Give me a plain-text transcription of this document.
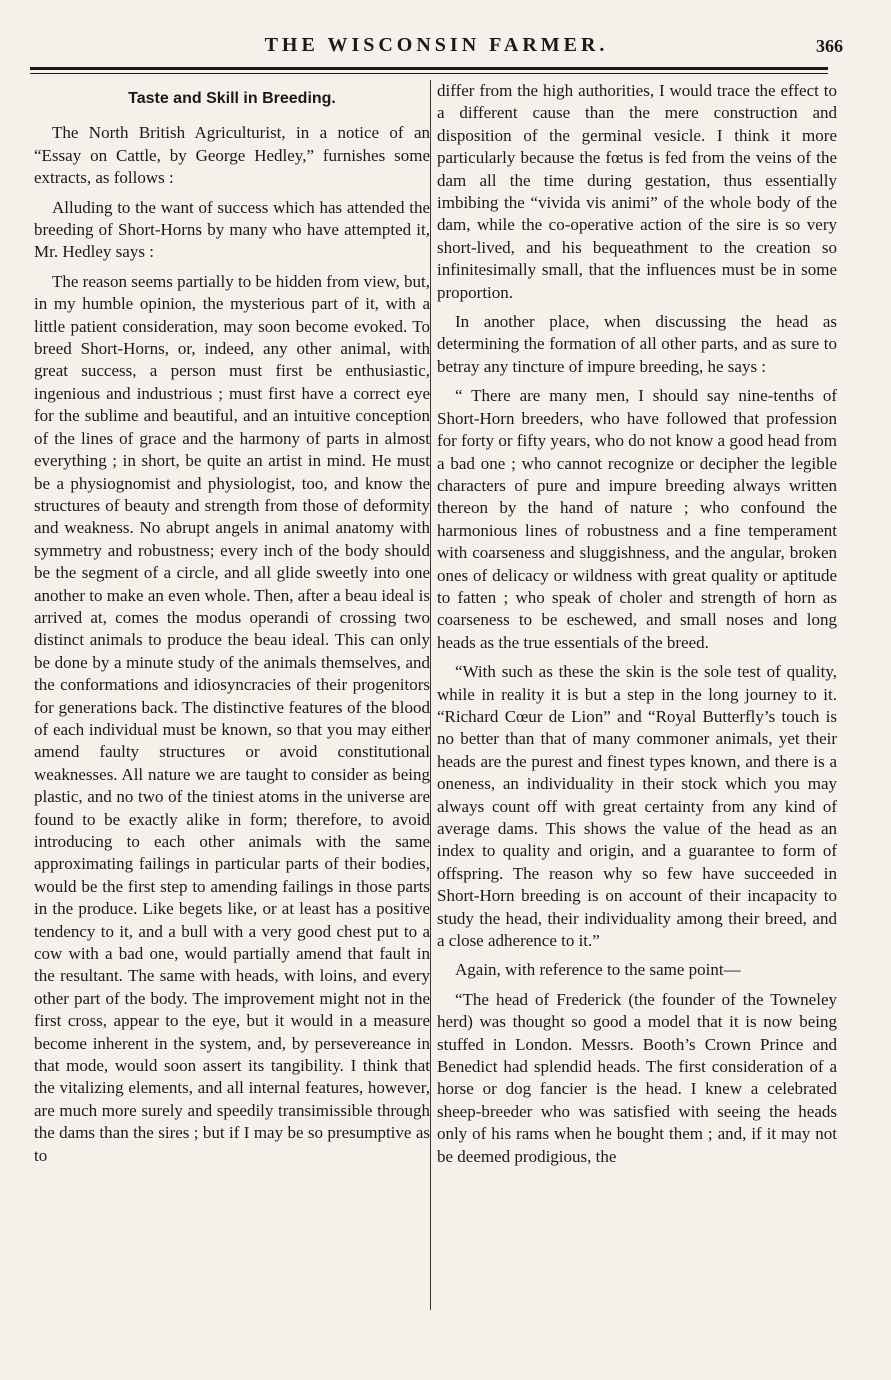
THE WISCONSIN FARMER.	366
Taste and Skill in Breeding.

The North British Agriculturist, in a notice of an “Essay on Cattle, by George Hedley,” furnishes some extracts, as follows :

Alluding to the want of success which has attended the breeding of Short-Horns by many who have attempted it, Mr. Hedley says :

The reason seems partially to be hidden from view, but, in my humble opinion, the mysterious part of it, with a little patient consideration, may soon become evoked. To breed Short-Horns, or, indeed, any other animal, with great success, a person must first be enthusiastic, ingenious and industrious ; must first have a correct eye for the sublime and beautiful, and an intuitive conception of the lines of grace and the harmony of parts in almost everything ; in short, be quite an artist in mind. He must be a physiognomist and physiologist, too, and know the structures of beauty and strength from those of deformity and weakness. No abrupt angels in animal anatomy with symmetry and robustness; every inch of the body should be the segment of a circle, and all glide sweetly into one another to make an even whole. Then, after a beau ideal is arrived at, comes the modus operandi of crossing two distinct animals to produce the beau ideal. This can only be done by a minute study of the animals themselves, and the conformations and idiosyncracies of their progenitors for generations back. The distinctive features of the blood of each individual must be known, so that you may either amend faulty structures or avoid constitutional weaknesses. All nature we are taught to consider as being plastic, and no two of the tiniest atoms in the universe are found to be exactly alike in form; therefore, to avoid introducing to each other animals with the same approximating failings in particular parts of their bodies, would be the first step to amending failings in those parts in the produce. Like begets like, or at least has a positive tendency to it, and a bull with a very good chest put to a cow with a bad one, would partially amend that fault in the resultant. The same with heads, with loins, and every other part of the body. The improvement might not in the first cross, appear to the eye, but it would in a measure become inherent in the system, and, by persevereance in that mode, would soon assert its tangibility. I think that the vitalizing elements, and all internal features, however, are much more surely and speedily transimissible through the dams than the sires ; but if I may be so presumptive as to

differ from the high authorities, I would trace the effect to a different cause than the mere construction and disposition of the germinal vesicle. I think it more particularly because the fœtus is fed from the veins of the dam all the time during gestation, thus essentially imbibing the “vivida vis animi” of the whole body of the dam, while the co-operative action of the sire is so very short-lived, and his bequeathment to the creation so infinitesimally small, that the influences must be in some proportion.

In another place, when discussing the head as determining the formation of all other parts, and as sure to betray any tincture of impure breeding, he says :

“ There are many men, I should say nine-tenths of Short-Horn breeders, who have followed that profession for forty or fifty years, who do not know a good head from a bad one ; who cannot recognize or decipher the legible characters of pure and impure breeding always written thereon by the hand of nature ; who confound the harmonious lines of robustness and a fine temperament with coarseness and sluggishness, and the angular, broken ones of delicacy or wildness with great quality or aptitude to fatten ; who speak of choler and strength of horn as coarseness to be eschewed, and small noses and long heads as the true essentials of the breed.

“With such as these the skin is the sole test of quality, while in reality it is but a step in the long journey to it. “Richard Cœur de Lion” and “Royal Butterfly’s touch is no better than that of many commoner animals, yet their heads are the purest and finest types known, and there is a oneness, an individuality in their stock which you may always count off with great certainty from any kind of average dams. This shows the value of the head as an index to quality and origin, and a guarantee to form of offspring. The reason why so few have succeeded in Short-Horn breeding is on account of their incapacity to study the head, their individuality among their breed, and a close adherence to it.”

Again, with reference to the same point—

“The head of Frederick (the founder of the Towneley herd) was thought so good a model that it is now being stuffed in London. Messrs. Booth’s Crown Prince and Benedict had splendid heads. The first consideration of a horse or dog fancier is the head. I knew a celebrated sheep-breeder who was satisfied with seeing the heads only of his rams when he bought them ; and, if it may not be deemed prodigious, the
